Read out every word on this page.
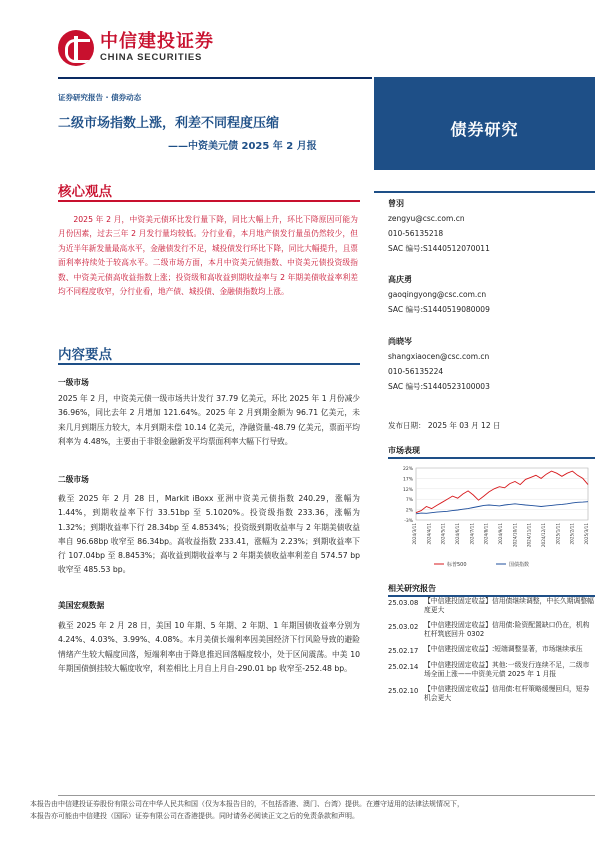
中信建投证券
CHINA SECURITIES
债券研究
证券研究报告 · 债券动态
二级市场指数上涨，利差不同程度压缩
——中资美元债 2025 年 2 月报
核心观点
2025 年 2 月，中资美元债环比发行量下降，同比大幅上升，环比下降原因可能为月份因素，过去三年 2 月发行量均较低。分行业看，本月地产债发行量虽仍然较少，但为近半年新发量最高水平，金融债发行不足，城投债发行环比下降，同比大幅提升，且票面利率持续处于较高水平。二级市场方面，本月中资美元债指数、中资美元债投资级指数、中资美元债高收益指数上涨；投资级和高收益到期收益率与 2 年期美债收益率利差均不同程度收窄，分行业看，地产债、城投债、金融债指数均上涨。
内容要点
一级市场
2025 年 2 月，中资美元债一级市场共计发行 37.79 亿美元，环比 2025 年 1 月份减少 36.96%，同比去年 2 月增加 121.64%。2025 年 2 月到期金额为 96.71 亿美元，未来几月到期压力较大，本月到期未偿 10.14 亿美元，净融资量-48.79 亿美元，票面平均利率为 4.48%，主要由于非银金融新发平均票面利率大幅下行导致。
二级市场
截至 2025 年 2 月 28 日，Markit iBoxx 亚洲中资美元债指数 240.29，涨幅为 1.44%，到期收益率下行 33.51bp 至 5.1020%。投资级指数 233.36，涨幅为 1.32%；到期收益率下行 28.34bp 至 4.8534%；投资级到期收益率与 2 年期美债收益率自 96.68bp 收窄至 86.34bp。高收益指数 233.41，涨幅为 2.23%；到期收益率下行 107.04bp 至 8.8453%；高收益到期收益率与 2 年期美债收益率利差自 574.57 bp 收窄至 485.53 bp。
美国宏观数据
截至 2025 年 2 月 28 日，美国 10 年期、5 年期、2 年期、1 年期国债收益率分别为 4.24%、4.03%、3.99%、4.08%。本月美债长端利率因美国经济下行风险导致的避险情绪产生较大幅度回落，短端利率由于降息推迟回落幅度较小，处于区间震荡。中美 10 年期国债倒挂较大幅度收窄，利差相比上月自上月自-290.01 bp 收窄至-252.48 bp。
曾羽
zengyu@csc.com.cn
010-56135218
SAC 编号:S1440512070011
高庆勇
gaoqingyong@csc.com.cn
SAC 编号:S1440519080009
尚晓岑
shangxiaocen@csc.com.cn
010-56135224
SAC 编号:S1440523100003
发布日期： 2025 年 03 月 12 日
市场表现
22%
17%
12%
7%
2%
-3%
2024/3/11 2024/4/11 2024/5/11 2024/6/11 2024/7/11 2024/8/11 2024/9/11 2024/10/11 2024/11/11 2024/12/11 2025/1/11 2025/2/11 2025/3/11
标普500	国债指数
相关研究报告
25.03.08 【中信建投固定收益】信用债继续调整，中长久期调整幅度更大
25.03.02 【中信建投固定收益】信用债:险资配置缺口仍在，机构杠杆筑底回升 0302
25.02.17 【中信建投固定收益】:短端调整显著，市场继续承压
25.02.14 【中信建投固定收益】其他:一级发行连续不足，二级市场全面上涨——中资美元债 2025 年 1 月报
25.02.10 【中信建投固定收益】信用债:杠杆策略缓慢回归，短券机会更大
本报告由中信建投证券股份有限公司在中华人民共和国（仅为本报告目的，不包括香港、澳门、台湾）提供。在遵守适用的法律法规情况下，
本报告亦可能由中信建投（国际）证券有限公司在香港提供。同时请务必阅读正文之后的免责条款和声明。
